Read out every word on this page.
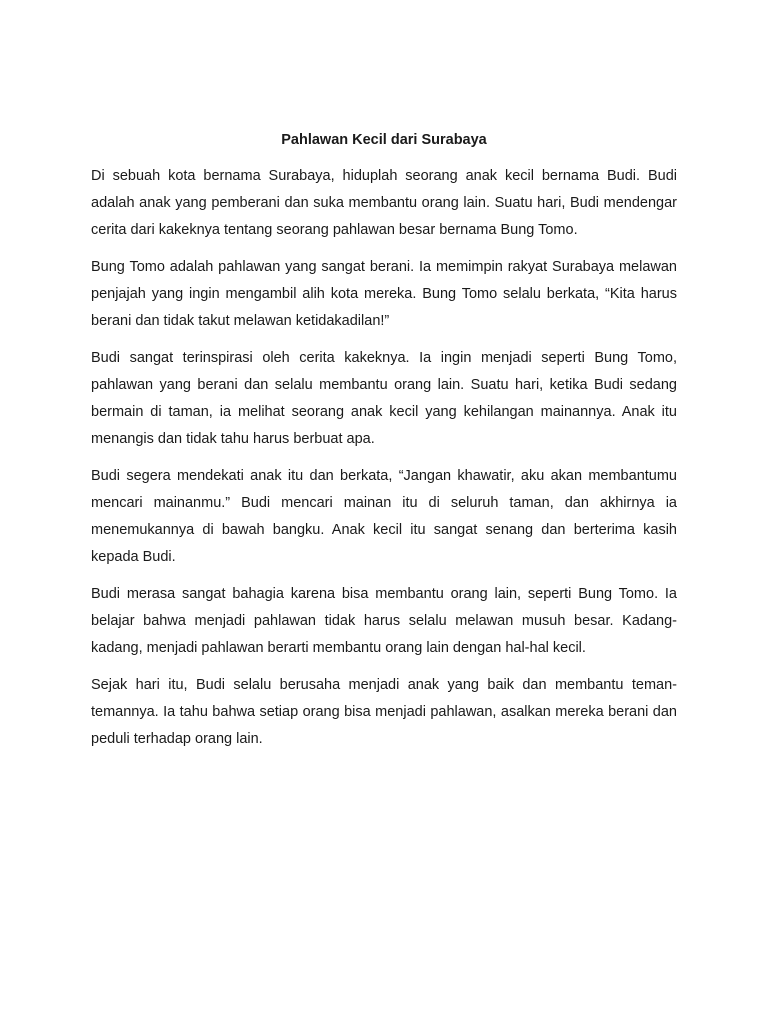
Pahlawan Kecil dari Surabaya

Di sebuah kota bernama Surabaya, hiduplah seorang anak kecil bernama Budi. Budi adalah anak yang pemberani dan suka membantu orang lain. Suatu hari, Budi mendengar cerita dari kakeknya tentang seorang pahlawan besar bernama Bung Tomo.

Bung Tomo adalah pahlawan yang sangat berani. Ia memimpin rakyat Surabaya melawan penjajah yang ingin mengambil alih kota mereka. Bung Tomo selalu berkata, “Kita harus berani dan tidak takut melawan ketidakadilan!”

Budi sangat terinspirasi oleh cerita kakeknya. Ia ingin menjadi seperti Bung Tomo, pahlawan yang berani dan selalu membantu orang lain. Suatu hari, ketika Budi sedang bermain di taman, ia melihat seorang anak kecil yang kehilangan mainannya. Anak itu menangis dan tidak tahu harus berbuat apa.

Budi segera mendekati anak itu dan berkata, “Jangan khawatir, aku akan membantumu mencari mainanmu.” Budi mencari mainan itu di seluruh taman, dan akhirnya ia menemukannya di bawah bangku. Anak kecil itu sangat senang dan berterima kasih kepada Budi.

Budi merasa sangat bahagia karena bisa membantu orang lain, seperti Bung Tomo. Ia belajar bahwa menjadi pahlawan tidak harus selalu melawan musuh besar. Kadang-kadang, menjadi pahlawan berarti membantu orang lain dengan hal-hal kecil.

Sejak hari itu, Budi selalu berusaha menjadi anak yang baik dan membantu teman-temannya. Ia tahu bahwa setiap orang bisa menjadi pahlawan, asalkan mereka berani dan peduli terhadap orang lain.
